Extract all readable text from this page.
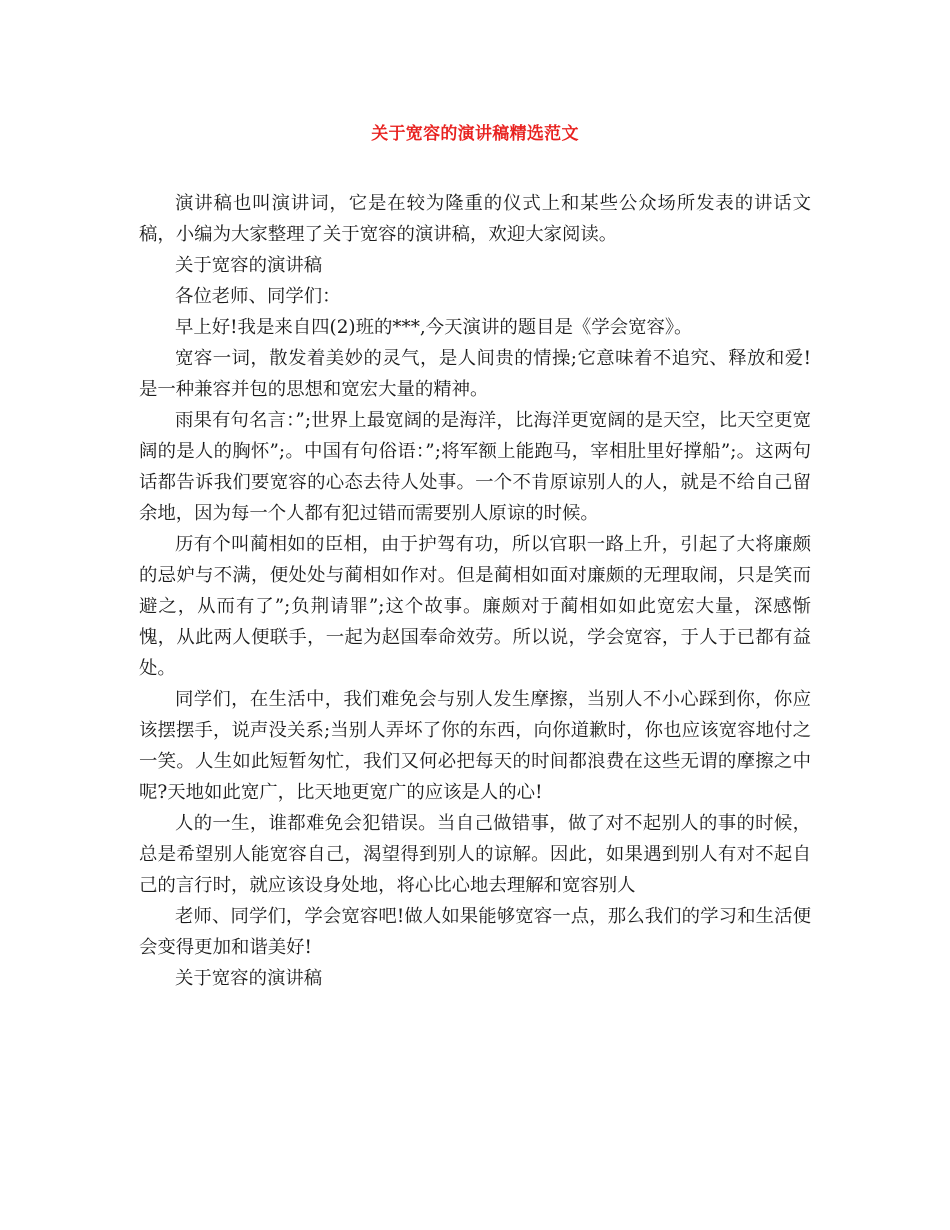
关于宽容的演讲稿精选范文

演讲稿也叫演讲词，它是在较为隆重的仪式上和某些公众场所发表的讲话文稿，小编为大家整理了关于宽容的演讲稿，欢迎大家阅读。

关于宽容的演讲稿

各位老师、同学们：

早上好!我是来自四(2)班的***,今天演讲的题目是《学会宽容》。

宽容一词，散发着美妙的灵气，是人间贵的情操;它意味着不追究、释放和爱!是一种兼容并包的思想和宽宏大量的精神。

雨果有句名言：”;世界上最宽阔的是海洋，比海洋更宽阔的是天空，比天空更宽阔的是人的胸怀”;。中国有句俗语：”;将军额上能跑马，宰相肚里好撑船”;。这两句话都告诉我们要宽容的心态去待人处事。一个不肯原谅别人的人，就是不给自己留余地，因为每一个人都有犯过错而需要别人原谅的时候。

历有个叫蔺相如的臣相，由于护驾有功，所以官职一路上升，引起了大将廉颇的忌妒与不满，便处处与蔺相如作对。但是蔺相如面对廉颇的无理取闹，只是笑而避之，从而有了”;负荆请罪”;这个故事。廉颇对于蔺相如如此宽宏大量，深感惭愧，从此两人便联手，一起为赵国奉命效劳。所以说，学会宽容，于人于已都有益处。

同学们，在生活中，我们难免会与别人发生摩擦，当别人不小心踩到你，你应该摆摆手，说声没关系;当别人弄坏了你的东西，向你道歉时，你也应该宽容地付之一笑。人生如此短暂匆忙，我们又何必把每天的时间都浪费在这些无谓的摩擦之中呢?天地如此宽广，比天地更宽广的应该是人的心!

人的一生，谁都难免会犯错误。当自己做错事，做了对不起别人的事的时候，总是希望别人能宽容自己，渴望得到别人的谅解。因此，如果遇到别人有对不起自己的言行时，就应该设身处地，将心比心地去理解和宽容别人

老师、同学们，学会宽容吧!做人如果能够宽容一点，那么我们的学习和生活便会变得更加和谐美好!

关于宽容的演讲稿
